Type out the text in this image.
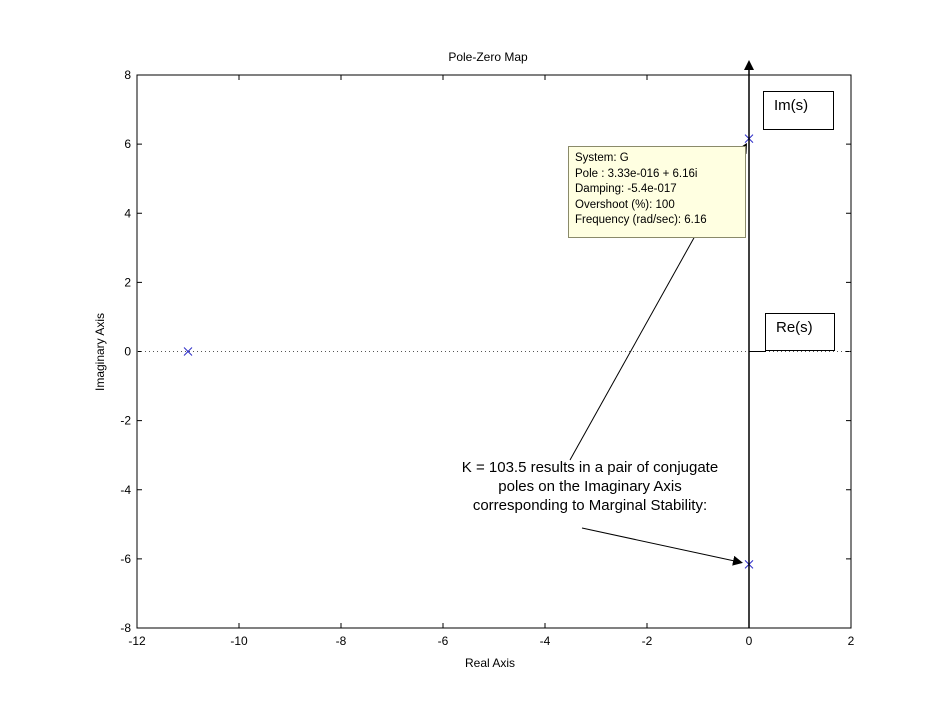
-12	-10	-8	-6	-4	-2	0	2
8
6
4
2
0
-2
-4
-6
-8
Pole-Zero Map
Real Axis
Imaginary Axis
System: G
Pole : 3.33e-016 + 6.16i
Damping: -5.4e-017
Overshoot (%): 100
Frequency (rad/sec): 6.16
Im(s)
Re(s)
K = 103.5 results in a pair of conjugate
poles on the Imaginary Axis
corresponding to Marginal Stability:
